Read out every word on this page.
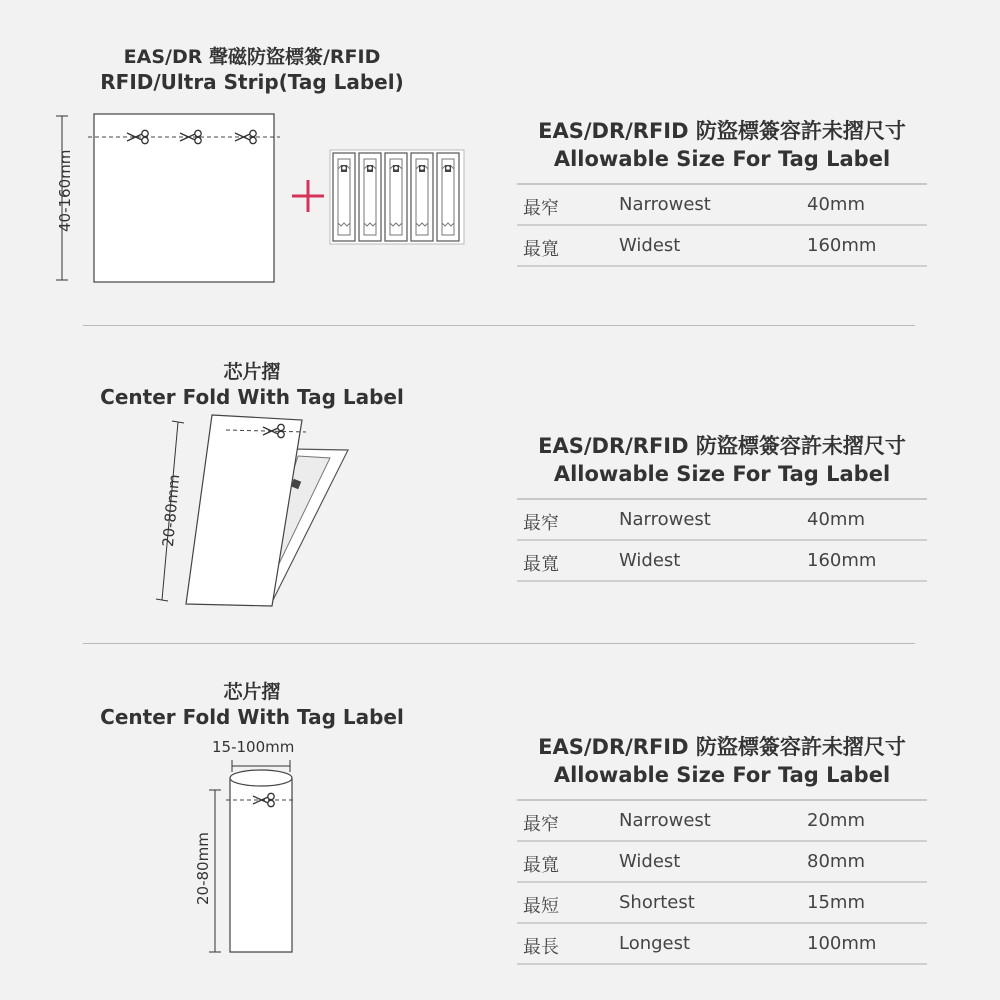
EAS/DR 聲磁防盜標簽/RFID
RFID/Ultra Strip(Tag Label)
40-160mm
EAS/DR/RFID 防盜標簽容許未摺尺寸
Allowable Size For Tag Label
最窄	Narrowest	40mm
最寬	Widest	160mm
芯片摺
Center Fold With Tag Label
20-80mm
EAS/DR/RFID 防盜標簽容許未摺尺寸
Allowable Size For Tag Label
最窄	Narrowest	40mm
最寬	Widest	160mm
芯片摺
Center Fold With Tag Label
15-100mm
20-80mm
EAS/DR/RFID 防盜標簽容許未摺尺寸
Allowable Size For Tag Label
最窄	Narrowest	20mm
最寬	Widest	80mm
最短	Shortest	15mm
最長	Longest	100mm
